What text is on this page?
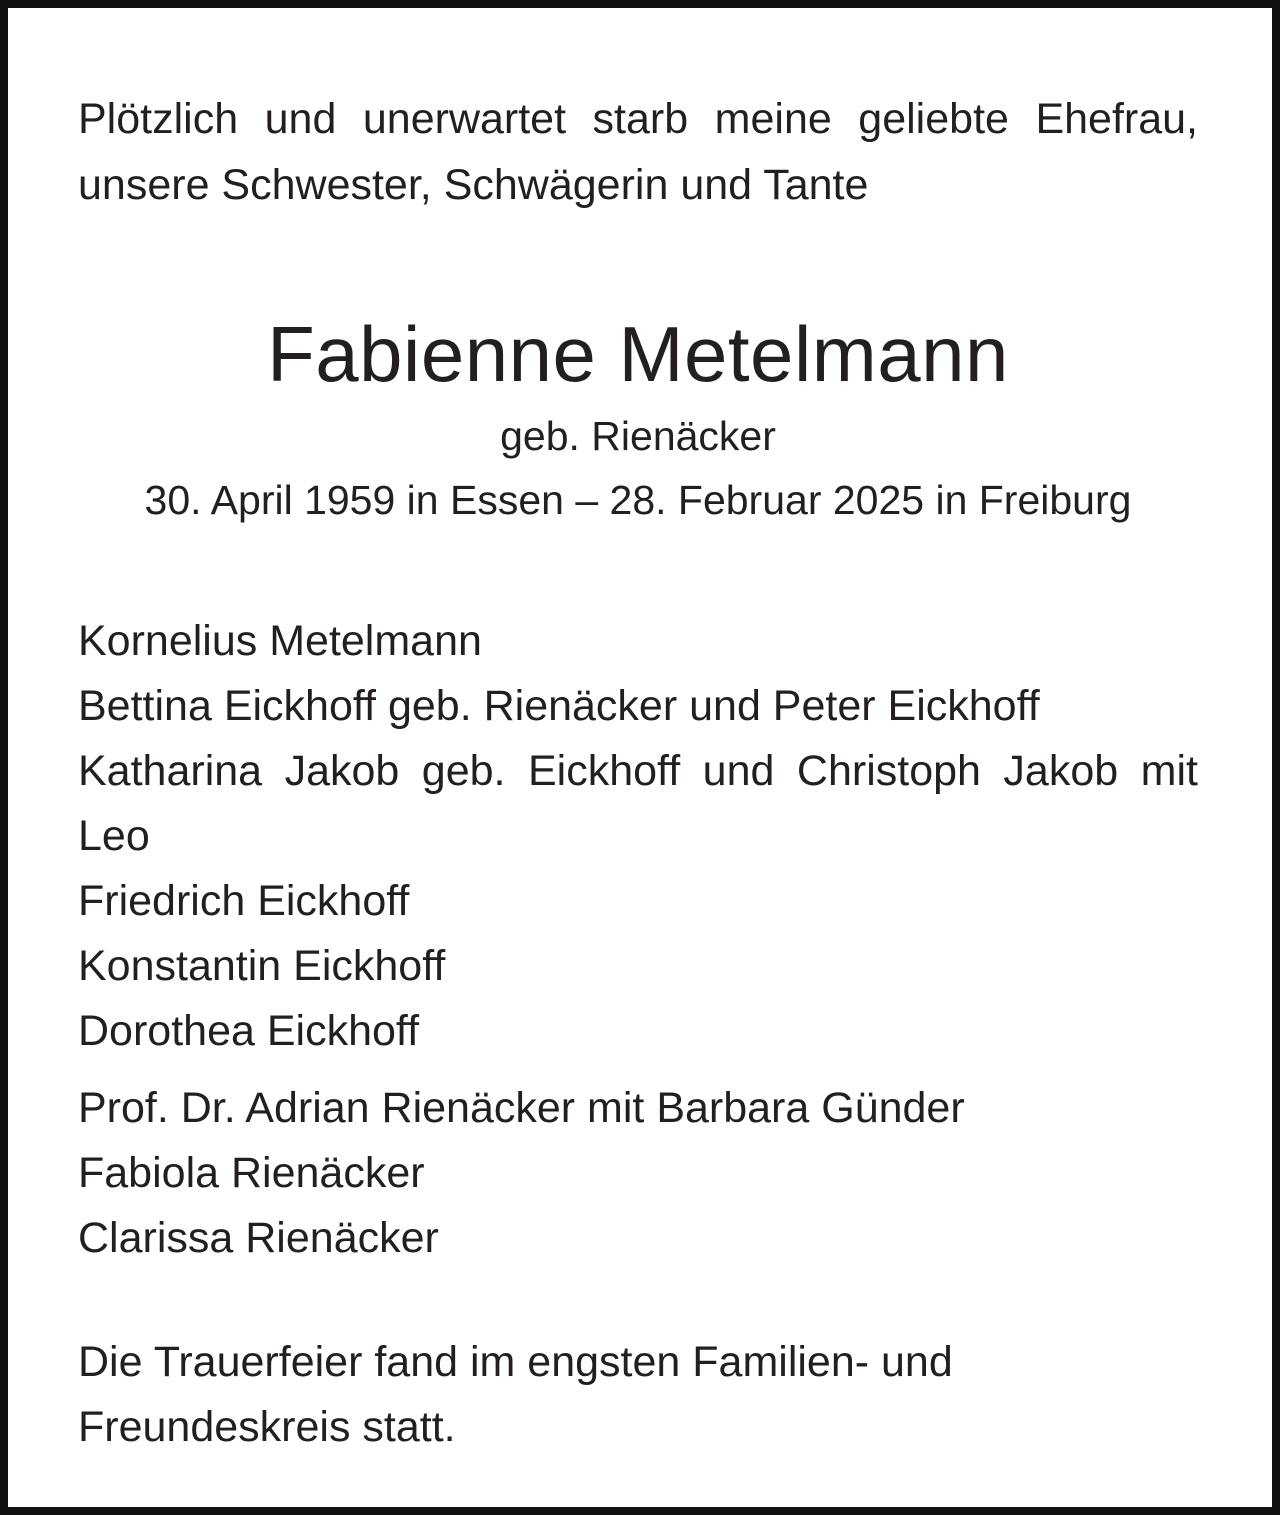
Plötzlich und unerwartet starb meine geliebte Ehefrau, unsere Schwester, Schwägerin und Tante

Fabienne Metelmann

geb. Rienäcker

30. April 1959 in Essen – 28. Februar 2025 in Freiburg

Kornelius Metelmann
Bettina Eickhoff geb. Rienäcker und Peter Eickhoff
Katharina Jakob geb. Eickhoff und Christoph Jakob mit Leo
Friedrich Eickhoff
Konstantin Eickhoff
Dorothea Eickhoff
Prof. Dr. Adrian Rienäcker mit Barbara Günder
Fabiola Rienäcker
Clarissa Rienäcker

Die Trauerfeier fand im engsten Familien- und Freundeskreis statt.
